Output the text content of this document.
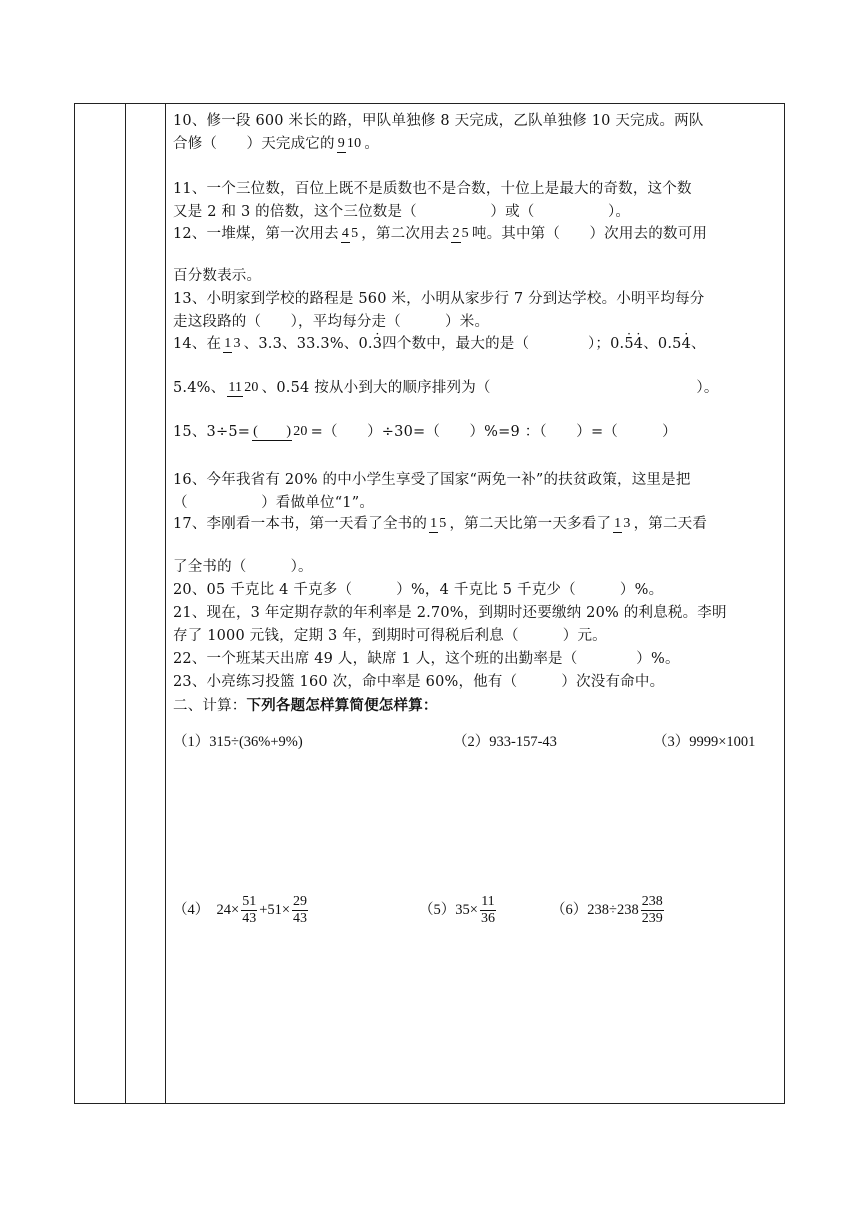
10、修一段 600 米长的路，甲队单独修 8 天完成，乙队单独修 10 天完成。两队
合修（　　）天完成它的 9 10 。
11、一个三位数，百位上既不是质数也不是合数，十位上是最大的奇数，这个数
又是 2 和 3 的倍数，这个三位数是（　　　　　）或（　　　　　）。
12、一堆煤，第一次用去 4 5 ，第二次用去 2 5 吨。其中第（　　）次用去的数可用
百分数表示。
13、小明家到学校的路程是 560 米，小明从家步行 7 分到达学校。小明平均每分
走这段路的（　　），平均每分走（　　　）米。
14、在 1 3 、3.3、33.3%、0.3 ·四个数中，最大的是（　　　　）；0.5 ·4 ·、0.54 ·、
5.4%、 11 20 、0.54 按从小到大的顺序排列为（　　　　　　　　　　　　　　）。
15、3÷5= (　　) 20 =（　　）÷30=（　　）%=9 ：（　　）=（　　　）
16、今年我省有 20% 的中小学生享受了国家“两免一补”的扶贫政策，这里是把
（　　　　　）看做单位“1”。
17、李刚看一本书，第一天看了全书的 1 5 ，第二天比第一天多看了 1 3 ，第二天看
了全书的（　　　）。
20、05 千克比 4 千克多（　　　）%，4 千克比 5 千克少（　　　）%。
21、现在，3 年定期存款的年利率是 2.70%，到期时还要缴纳 20% 的利息税。李明
存了 1000 元钱，定期 3 年，到期时可得税后利息（　　　）元。
22、一个班某天出席 49 人，缺席 1 人，这个班的出勤率是（　　　　）%。
23、小亮练习投篮 160 次，命中率是 60%，他有（　　　）次没有命中。
二、计算：下列各题怎样算简便怎样算：
（1）315÷(36%+9%)	（2）933-157-43	（3）9999×1001
（4） $24\times \frac{51}{43} +51\times \frac{29}{43}$	$(5)35\times \frac{11}{36}$	$(6)238\div 238 \frac{238}{239}$
